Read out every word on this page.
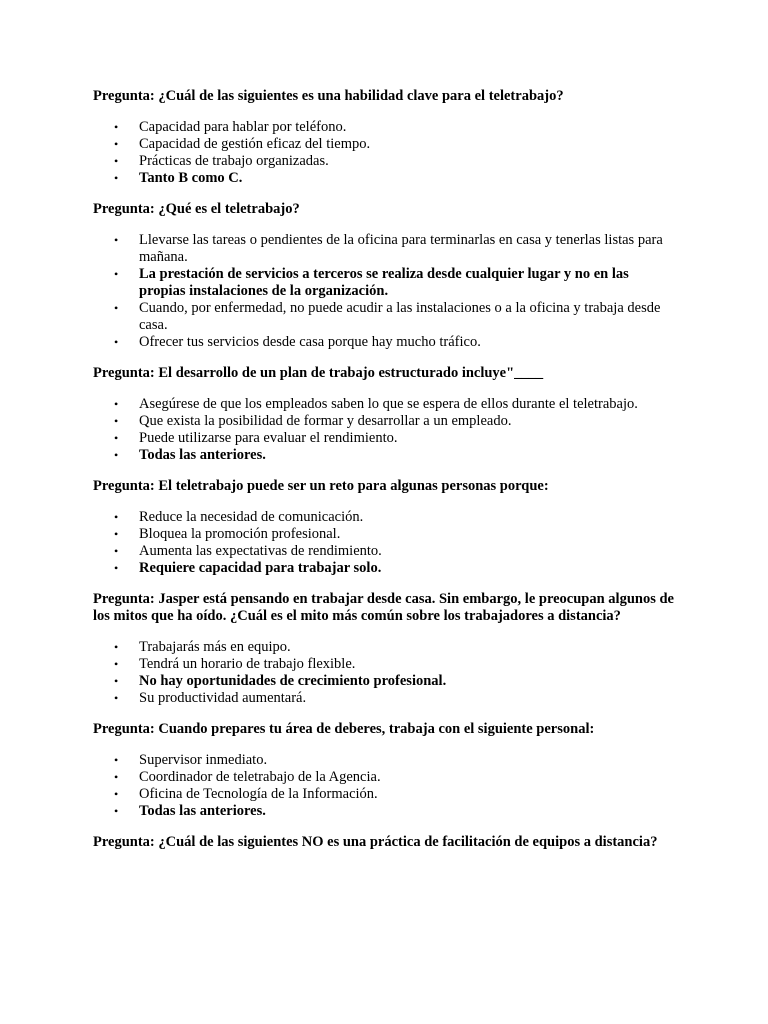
Pregunta: ¿Cuál de las siguientes es una habilidad clave para el teletrabajo?

• Capacidad para hablar por teléfono.
• Capacidad de gestión eficaz del tiempo.
• Prácticas de trabajo organizadas.
• Tanto B como C.

Pregunta: ¿Qué es el teletrabajo?

• Llevarse las tareas o pendientes de la oficina para terminarlas en casa y tenerlas listas para mañana.
• La prestación de servicios a terceros se realiza desde cualquier lugar y no en las propias instalaciones de la organización.
• Cuando, por enfermedad, no puede acudir a las instalaciones o a la oficina y trabaja desde casa.
• Ofrecer tus servicios desde casa porque hay mucho tráfico.

Pregunta: El desarrollo de un plan de trabajo estructurado incluye"____

• Asegúrese de que los empleados saben lo que se espera de ellos durante el teletrabajo.
• Que exista la posibilidad de formar y desarrollar a un empleado.
• Puede utilizarse para evaluar el rendimiento.
• Todas las anteriores.

Pregunta: El teletrabajo puede ser un reto para algunas personas porque:

• Reduce la necesidad de comunicación.
• Bloquea la promoción profesional.
• Aumenta las expectativas de rendimiento.
• Requiere capacidad para trabajar solo.

Pregunta: Jasper está pensando en trabajar desde casa. Sin embargo, le preocupan algunos de los mitos que ha oído. ¿Cuál es el mito más común sobre los trabajadores a distancia?

• Trabajarás más en equipo.
• Tendrá un horario de trabajo flexible.
• No hay oportunidades de crecimiento profesional.
• Su productividad aumentará.

Pregunta: Cuando prepares tu área de deberes, trabaja con el siguiente personal:

• Supervisor inmediato.
• Coordinador de teletrabajo de la Agencia.
• Oficina de Tecnología de la Información.
• Todas las anteriores.

Pregunta: ¿Cuál de las siguientes NO es una práctica de facilitación de equipos a distancia?
